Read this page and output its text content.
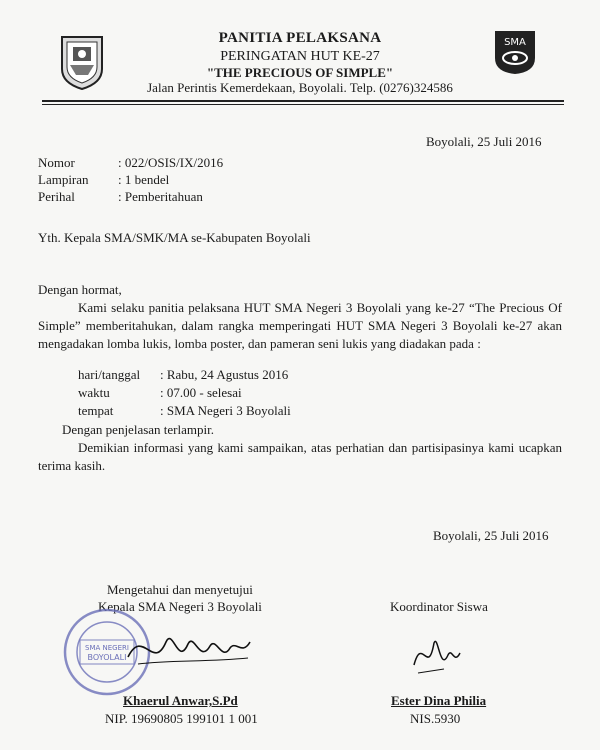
PANITIA PELAKSANA
PERINGATAN HUT KE-27
"THE PRECIOUS OF SIMPLE"
Jalan Perintis Kemerdekaan, Boyolali. Telp. (0276)324586
SMA
Boyolali, 25 Juli 2016
Nomor	: 022/OSIS/IX/2016
Lampiran : 1 bendel
Perihal	: Pemberitahuan
Yth. Kepala SMA/SMK/MA se-Kabupaten Boyolali
Dengan hormat,

Kami selaku panitia pelaksana HUT SMA Negeri 3 Boyolali yang ke-27 “The Precious Of Simple” memberitahukan, dalam rangka memperingati HUT SMA Negeri 3 Boyolali ke-27 akan mengadakan lomba lukis, lomba poster, dan pameran seni lukis yang diadakan pada :

hari/tanggal : Rabu, 24 Agustus 2016
waktu	: 07.00 - selesai
tempat	: SMA Negeri 3 Boyolali
Dengan penjelasan terlampir.

Demikian informasi yang kami sampaikan, atas perhatian dan partisipasinya kami ucapkan terima kasih.

Boyolali, 25 Juli 2016
Mengetahui dan menyetujui
Kepala SMA Negeri 3 Boyolali
SMA NEGERI
BOYOLALI
Khaerul Anwar,S.Pd
NIP. 19690805 199101 1 001
Koordinator Siswa
Ester Dina Philia
NIS.5930
